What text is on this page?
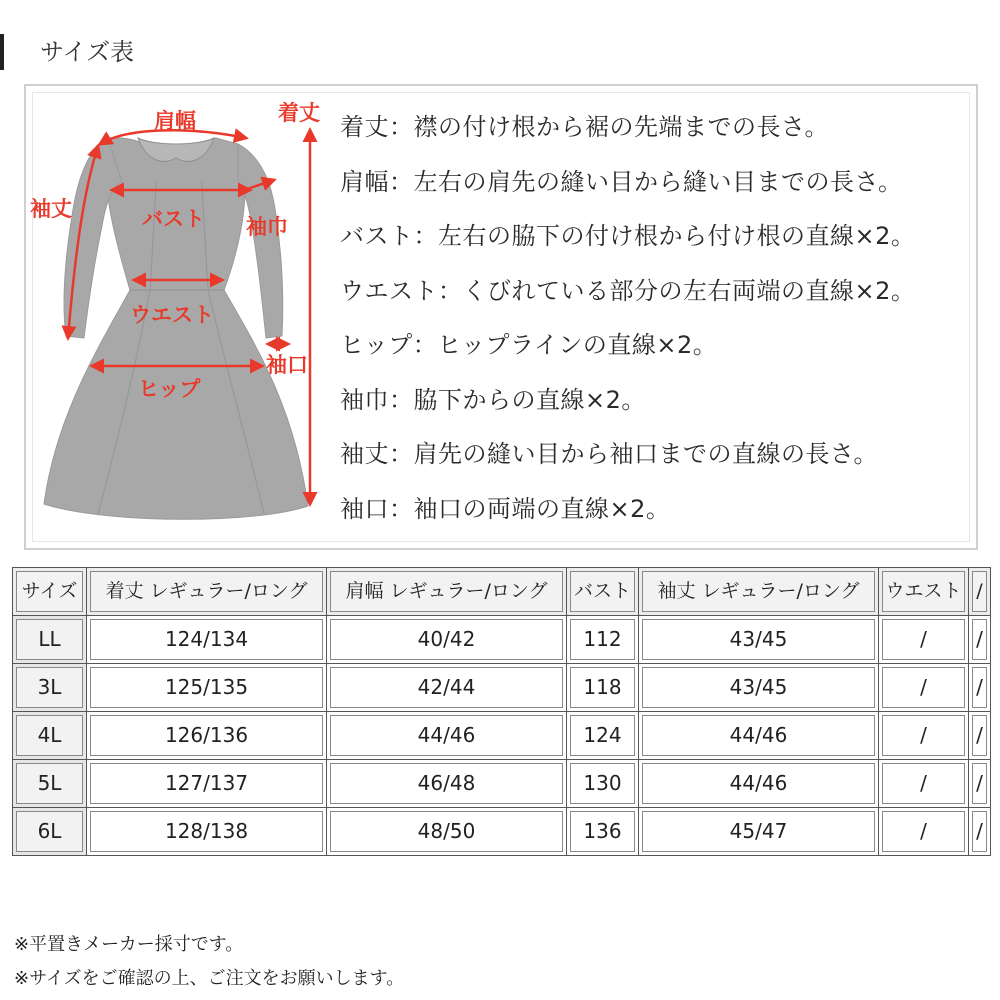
サイズ表
肩幅	着丈
袖丈	バスト 袖巾
ウエスト
袖口
ヒップ
着丈：襟の付け根から裾の先端までの長さ。
肩幅：左右の肩先の縫い目から縫い目までの長さ。
バスト：左右の脇下の付け根から付け根の直線×2。
ウエスト：くびれている部分の左右両端の直線×2。
ヒップ：ヒップラインの直線×2。
袖巾：脇下からの直線×2。
袖丈：肩先の縫い目から袖口までの直線の長さ。
袖口：袖口の両端の直線×2。
サイズ	着丈 レギュラー/ロング	肩幅 レギュラー/ロング	バスト	袖丈 レギュラー/ロング	ウエスト	/

LL	124/134	40/42	112	43/45	/	/

3L	125/135	42/44	118	43/45	/	/

4L	126/136	44/46	124	44/46	/	/

5L	127/137	46/48	130	44/46	/	/

6L	128/138	48/50	136	45/47	/	/
※平置きメーカー採寸です。
※サイズをご確認の上、ご注文をお願いします。
